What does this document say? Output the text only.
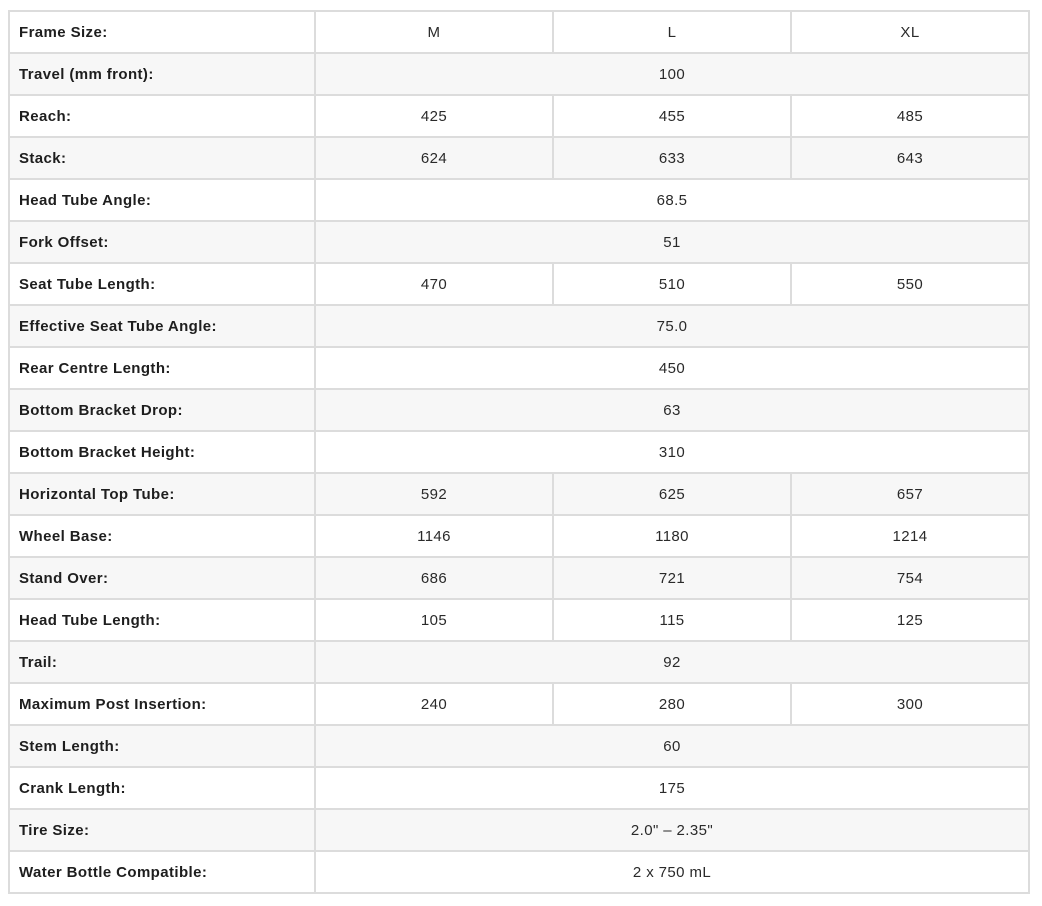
Frame Size:	M	L	XL
Travel (mm front):	100		
Reach:	425	455	485
Stack:	624	633	643
Head Tube Angle:	68.5		
Fork Offset:	51		
Seat Tube Length:	470	510	550
Effective Seat Tube Angle:	75.0		
Rear Centre Length:	450		
Bottom Bracket Drop:	63		
Bottom Bracket Height:	310		
Horizontal Top Tube:	592	625	657
Wheel Base:	1146	1180	1214
Stand Over:	686	721	754
Head Tube Length:	105	115	125
Trail:	92		
Maximum Post Insertion:	240	280	300
Stem Length:	60		
Crank Length:	175		
Tire Size:	2.0" – 2.35"		
Water Bottle Compatible:	2 x 750 mL		
